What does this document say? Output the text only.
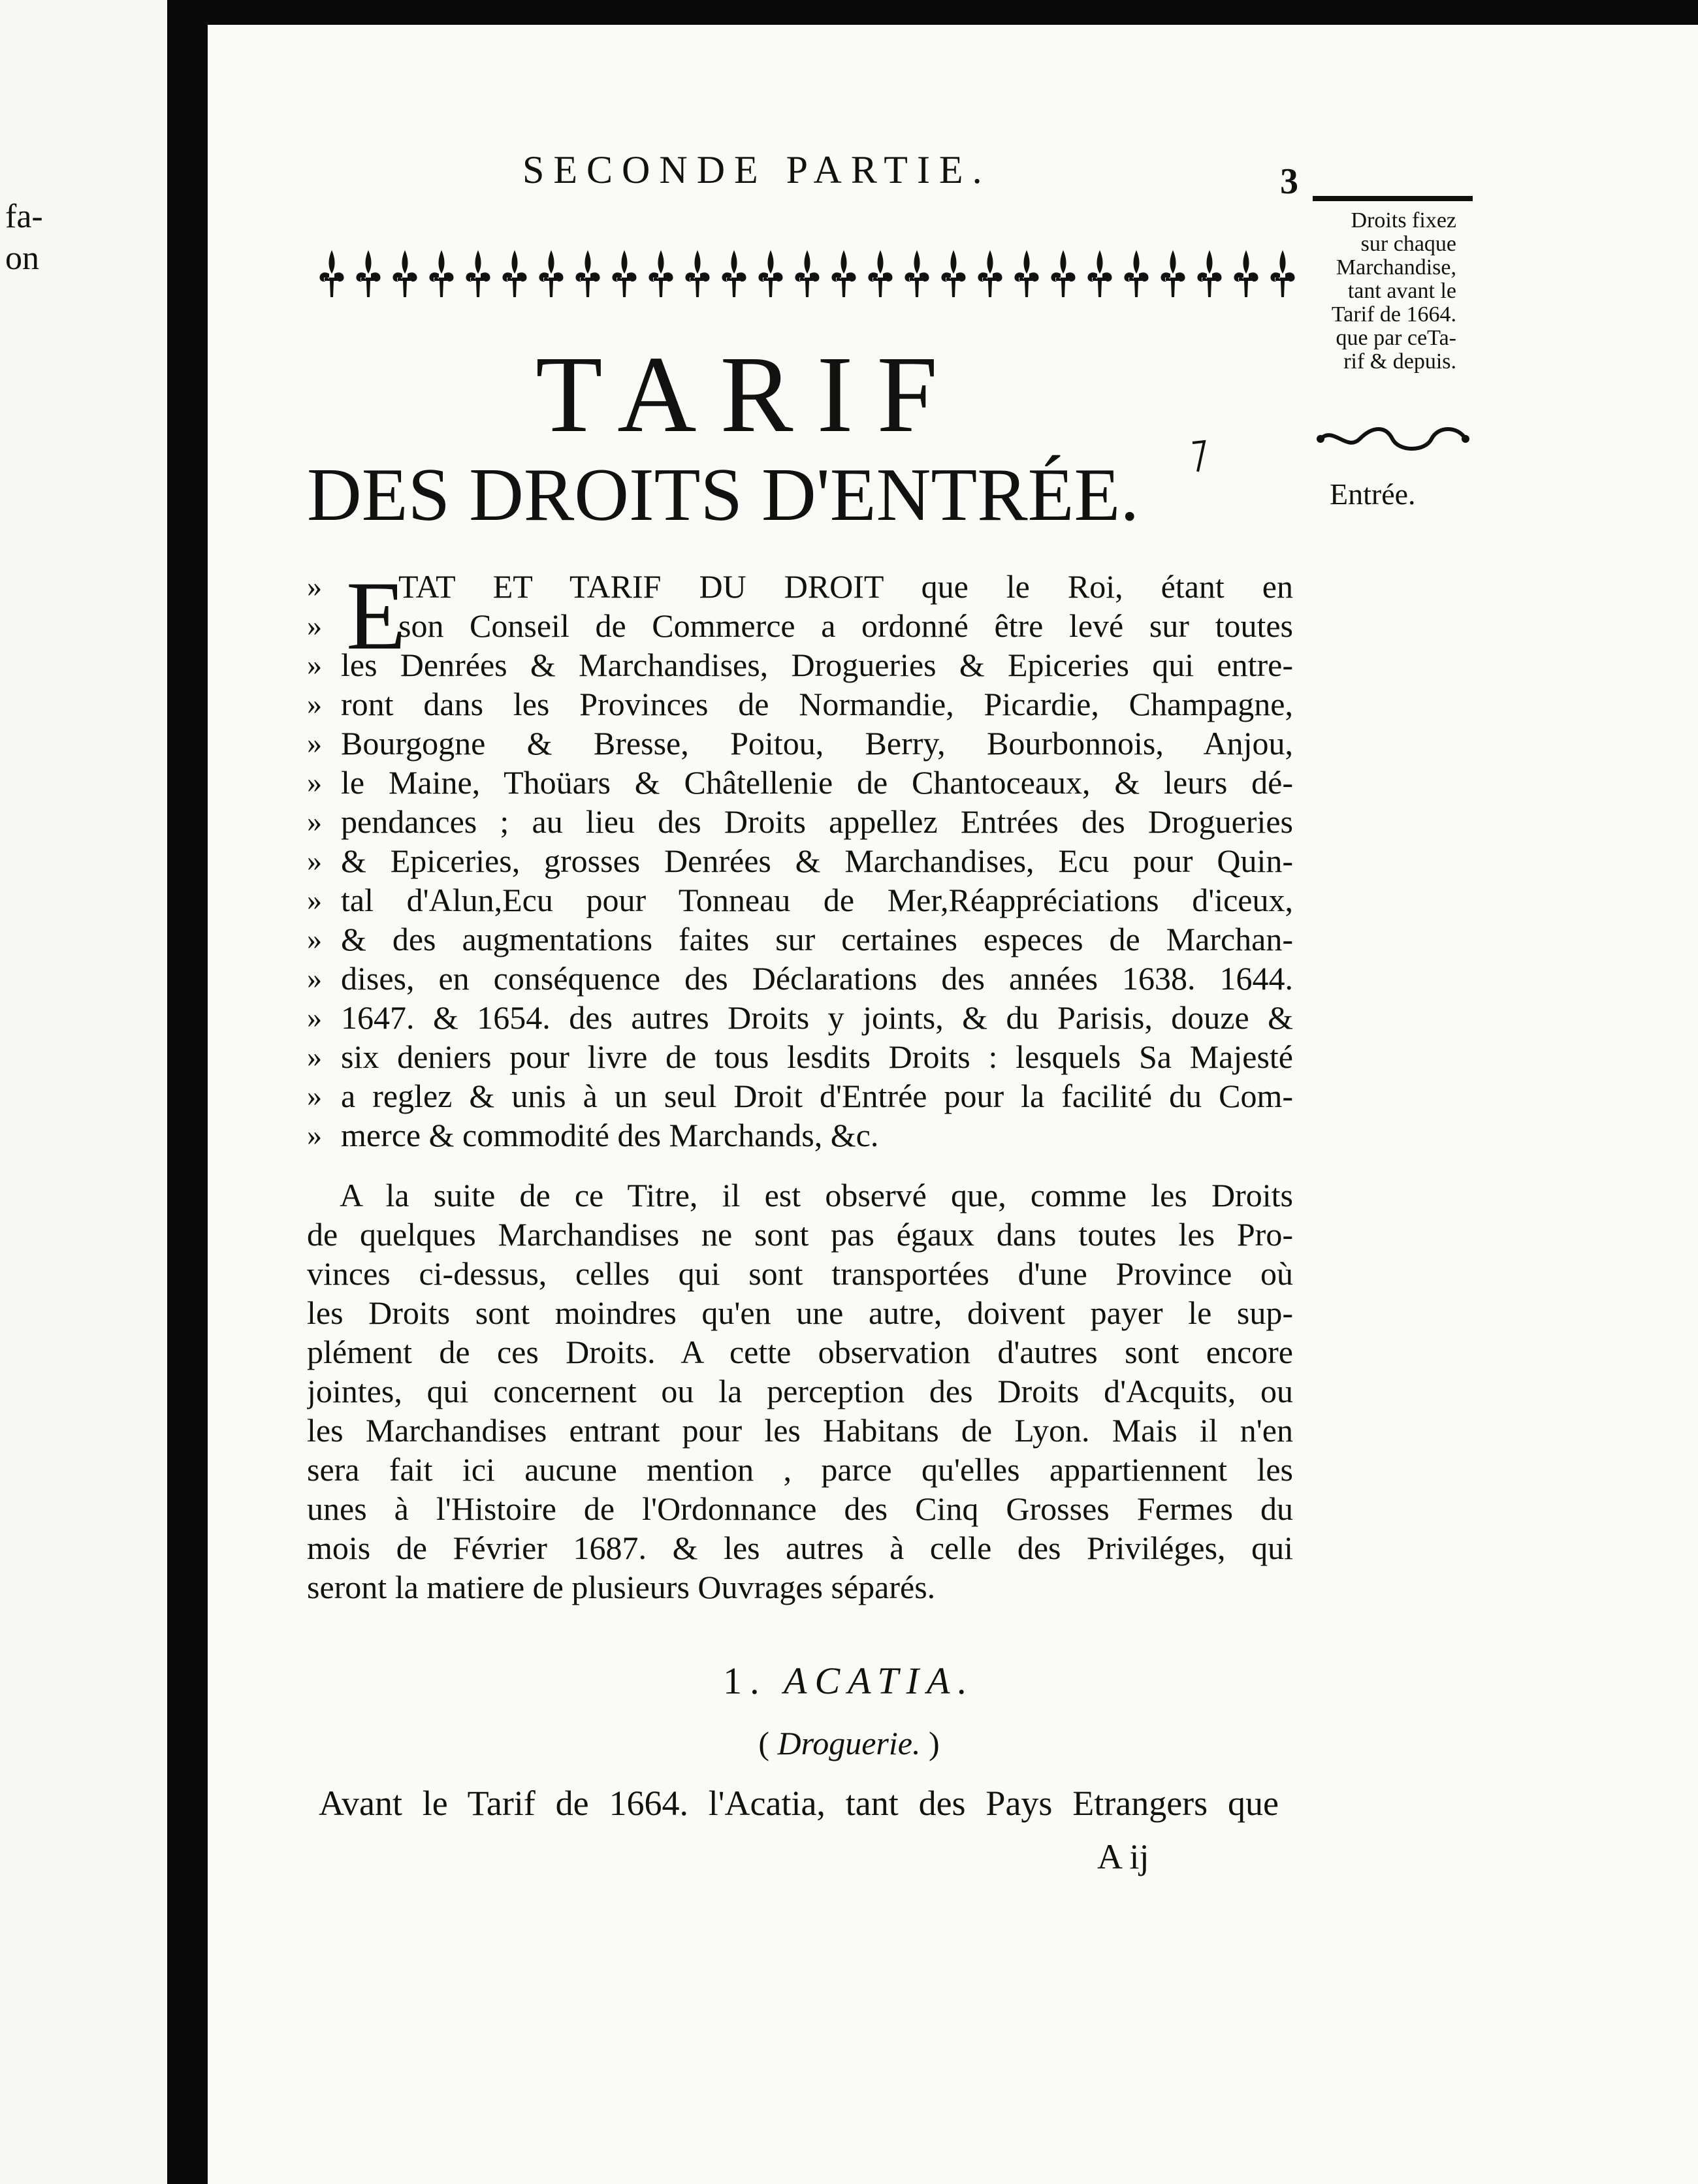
fa-
on
SECONDE PARTIE.	3
TARIF
DES DROITS D'ENTRÉE.
Droits fixez
sur chaque
Marchandise,
tant avant le
Tarif de 1664.
que par ceTa-
rif & depuis.
Entrée.
E
»	TAT ET TARIF DU DROIT que le Roi, étant en
»	son Conseil de Commerce a ordonné être levé sur toutes
» les Denrées & Marchandises, Drogueries & Epiceries qui entre-
» ront dans les Provinces de Normandie, Picardie, Champagne,
» Bourgogne & Bresse, Poitou, Berry, Bourbonnois, Anjou,
» le Maine, Thoüars & Châtellenie de Chantoceaux, & leurs dé-
» pendances ; au lieu des Droits appellez Entrées des Drogueries
» & Epiceries, grosses Denrées & Marchandises, Ecu pour Quin-
» tal d'Alun,Ecu pour Tonneau de Mer,Réappréciations d'iceux,
» & des augmentations faites sur certaines especes de Marchan-
» dises, en conséquence des Déclarations des années 1638. 1644.
» 1647. & 1654. des autres Droits y joints, & du Parisis, douze &
» six deniers pour livre de tous lesdits Droits : lesquels Sa Majesté
» a reglez & unis à un seul Droit d'Entrée pour la facilité du Com-
» merce & commodité des Marchands, &c.
A la suite de ce Titre, il est observé que, comme les Droits
de quelques Marchandises ne sont pas égaux dans toutes les Pro-
vinces ci-dessus, celles qui sont transportées d'une Province où
les Droits sont moindres qu'en une autre, doivent payer le sup-
plément de ces Droits. A cette observation d'autres sont encore
jointes, qui concernent ou la perception des Droits d'Acquits, ou
les Marchandises entrant pour les Habitans de Lyon. Mais il n'en
sera fait ici aucune mention , parce qu'elles appartiennent les
unes à l'Histoire de l'Ordonnance des Cinq Grosses Fermes du
mois de Février 1687. & les autres à celle des Priviléges, qui
seront la matiere de plusieurs Ouvrages séparés.
1. ACATIA.
( Droguerie. )
Avant le Tarif de 1664. l'Acatia, tant des Pays Etrangers que
A ij
